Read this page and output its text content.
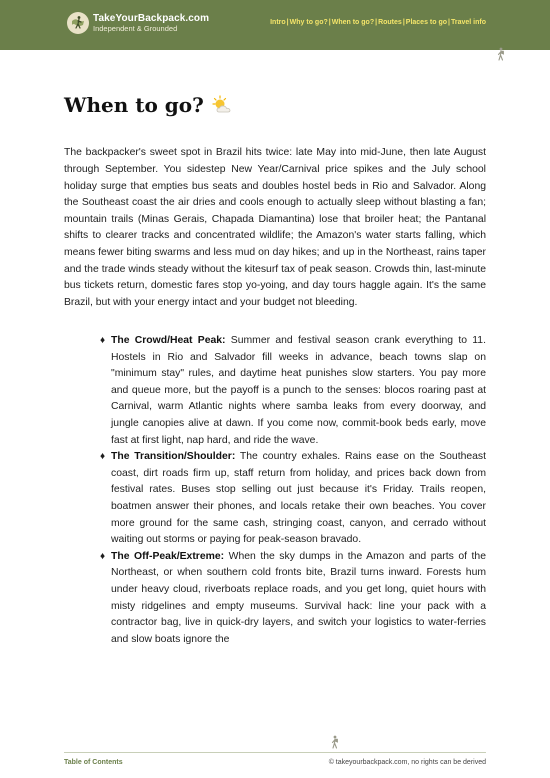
TakeYourBackpack.com
Independent & Grounded
Intro|Why to go?|When to go?|Routes|Places to go|Travel info
When to go?

The backpacker's sweet spot in Brazil hits twice: late May into mid-June, then late August through September. You sidestep New Year/Carnival price spikes and the July school holiday surge that empties bus seats and doubles hostel beds in Rio and Salvador. Along the Southeast coast the air dries and cools enough to actually sleep without blasting a fan; mountain trails (Minas Gerais, Chapada Diamantina) lose that broiler heat; the Pantanal shifts to clearer tracks and concentrated wildlife; the Amazon's water starts falling, which means fewer biting swarms and less mud on day hikes; and up in the Northeast, rains taper and the trade winds steady without the kitesurf tax of peak season. Crowds thin, last-minute bus tickets return, domestic fares stop yo-yoing, and day tours haggle again. It's the same Brazil, but with your energy intact and your budget not bleeding.

♦ The Crowd/Heat Peak: Summer and festival season crank everything to 11. Hostels in Rio and Salvador fill weeks in advance, beach towns slap on "minimum stay" rules, and daytime heat punishes slow starters. You pay more and queue more, but the payoff is a punch to the senses: blocos roaring past at Carnival, warm Atlantic nights where samba leaks from every doorway, and jungle canopies alive at dawn. If you come now, commit-book beds early, move fast at first light, nap hard, and ride the wave.
♦ The Transition/Shoulder: The country exhales. Rains ease on the Southeast coast, dirt roads firm up, staff return from holiday, and prices back down from festival rates. Buses stop selling out just because it's Friday. Trails reopen, boatmen answer their phones, and locals retake their own beaches. You cover more ground for the same cash, stringing coast, canyon, and cerrado without waiting out storms or paying for peak-season bravado.
♦ The Off-Peak/Extreme: When the sky dumps in the Amazon and parts of the Northeast, or when southern cold fronts bite, Brazil turns inward. Forests hum under heavy cloud, riverboats replace roads, and you get long, quiet hours with misty ridgelines and empty museums. Survival hack: line your pack with a contractor bag, live in quick-dry layers, and switch your logistics to water-ferries and slow boats ignore the
Table of Contents	© takeyourbackpack.com, no rights can be derived
